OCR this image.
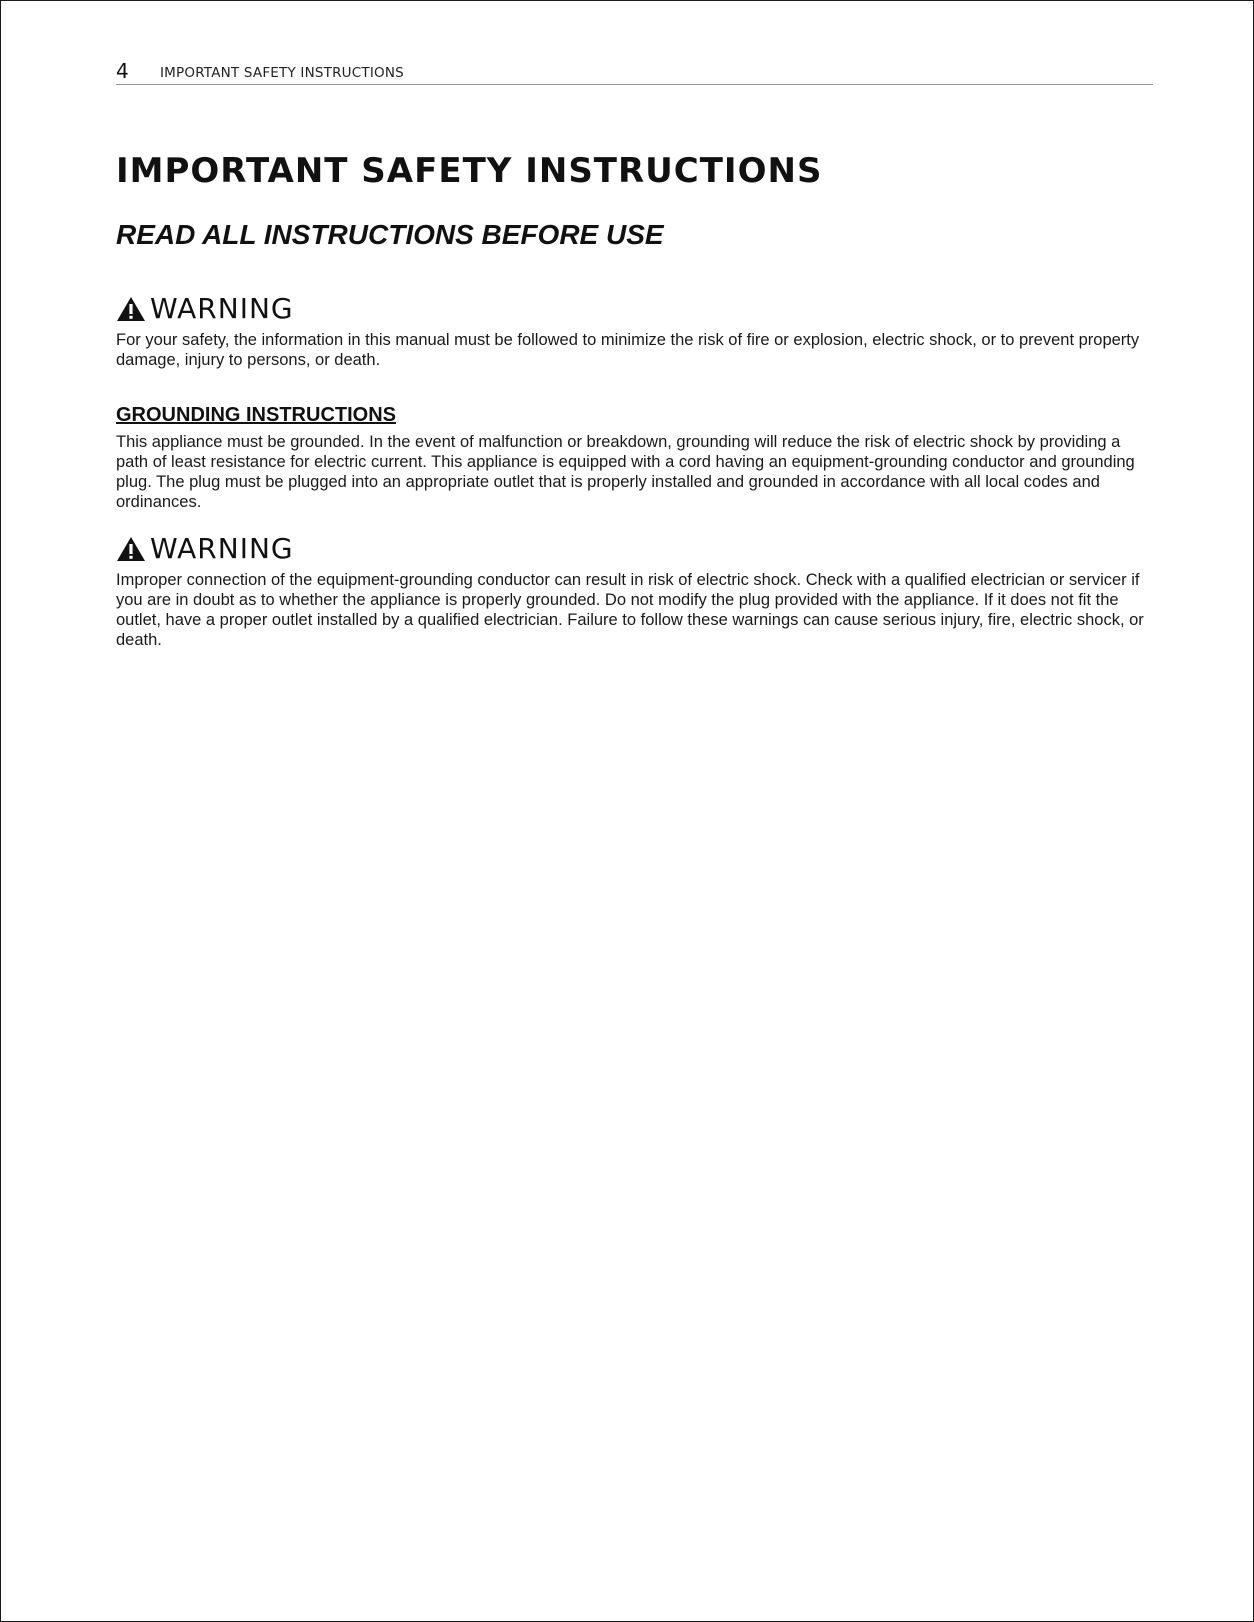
4 IMPORTANT SAFETY INSTRUCTIONS
IMPORTANT SAFETY INSTRUCTIONS
READ ALL INSTRUCTIONS BEFORE USE
WARNING

For your safety, the information in this manual must be followed to minimize the risk of fire or explosion, electric shock, or to prevent property damage, injury to persons, or death.

GROUNDING INSTRUCTIONS

This appliance must be grounded. In the event of malfunction or breakdown, grounding will reduce the risk of electric shock by providing a path of least resistance for electric current. This appliance is equipped with a cord having an equipment-grounding conductor and grounding plug. The plug must be plugged into an appropriate outlet that is properly installed and grounded in accordance with all local codes and ordinances.

WARNING

Improper connection of the equipment-grounding conductor can result in risk of electric shock. Check with a qualified electrician or servicer if you are in doubt as to whether the appliance is properly grounded. Do not modify the plug provided with the appliance. If it does not fit the outlet, have a proper outlet installed by a qualified electrician. Failure to follow these warnings can cause serious injury, fire, electric shock, or death.
